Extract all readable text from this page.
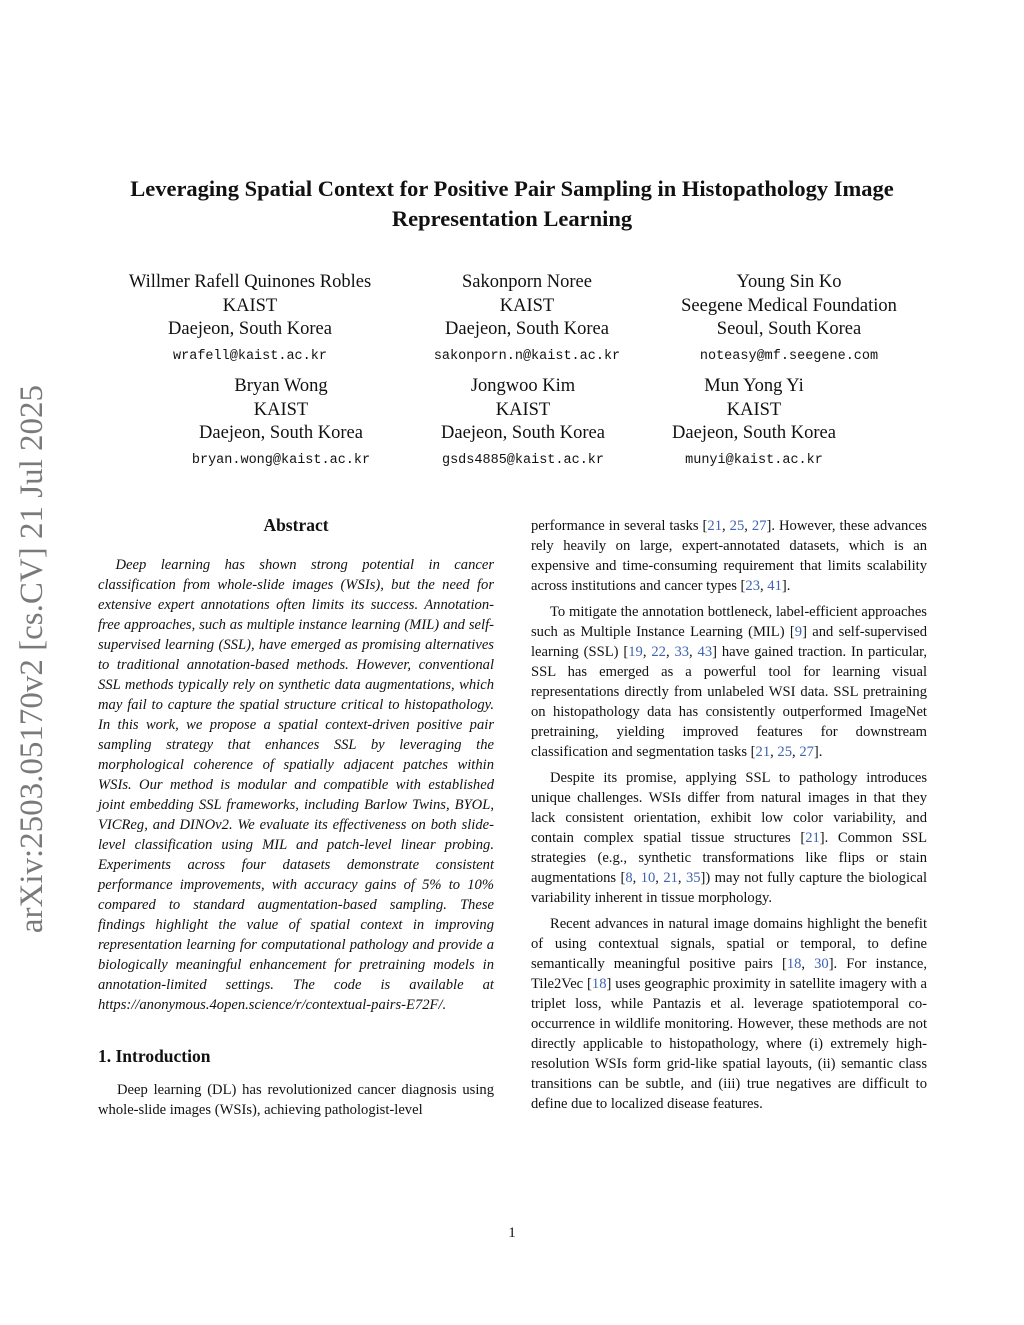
arXiv:2503.05170v2 [cs.CV] 21 Jul 2025
Leveraging Spatial Context for Positive Pair Sampling in Histopathology Image
Representation Learning
Willmer Rafell Quinones Robles
KAIST
Daejeon, South Korea
wrafell@kaist.ac.kr
Sakonporn Noree
KAIST
Daejeon, South Korea
sakonporn.n@kaist.ac.kr
Young Sin Ko
Seegene Medical Foundation
Seoul, South Korea
noteasy@mf.seegene.com
Bryan Wong
KAIST
Daejeon, South Korea
bryan.wong@kaist.ac.kr
Jongwoo Kim
KAIST
Daejeon, South Korea
gsds4885@kaist.ac.kr
Mun Yong Yi
KAIST
Daejeon, South Korea
munyi@kaist.ac.kr
Abstract

Deep learning has shown strong potential in cancer classification from whole-slide images (WSIs), but the need for extensive expert annotations often limits its success. Annotation-free approaches, such as multiple instance learning (MIL) and self-supervised learning (SSL), have emerged as promising alternatives to traditional annotation-based methods. However, conventional SSL methods typically rely on synthetic data augmentations, which may fail to capture the spatial structure critical to histopathology. In this work, we propose a spatial context-driven positive pair sampling strategy that enhances SSL by leveraging the morphological coherence of spatially adjacent patches within WSIs. Our method is modular and compatible with established joint embedding SSL frameworks, including Barlow Twins, BYOL, VICReg, and DINOv2. We evaluate its effectiveness on both slide-level classification using MIL and patch-level linear probing. Experiments across four datasets demonstrate consistent performance improvements, with accuracy gains of 5% to 10% compared to standard augmentation-based sampling. These findings highlight the value of spatial context in improving representation learning for computational pathology and provide a biologically meaningful enhancement for pretraining models in annotation-limited settings. The code is available at https://anonymous.4open.science/r/contextual-pairs-E72F/.

1. Introduction

Deep learning (DL) has revolutionized cancer diagnosis using whole-slide images (WSIs), achieving pathologist-level

performance in several tasks [21, 25, 27]. However, these advances rely heavily on large, expert-annotated datasets, which is an expensive and time-consuming requirement that limits scalability across institutions and cancer types [23, 41].

To mitigate the annotation bottleneck, label-efficient approaches such as Multiple Instance Learning (MIL) [9] and self-supervised learning (SSL) [19, 22, 33, 43] have gained traction. In particular, SSL has emerged as a powerful tool for learning visual representations directly from unlabeled WSI data. SSL pretraining on histopathology data has consistently outperformed ImageNet pretraining, yielding improved features for downstream classification and segmentation tasks [21, 25, 27].

Despite its promise, applying SSL to pathology introduces unique challenges. WSIs differ from natural images in that they lack consistent orientation, exhibit low color variability, and contain complex spatial tissue structures [21]. Common SSL strategies (e.g., synthetic transformations like flips or stain augmentations [8, 10, 21, 35]) may not fully capture the biological variability inherent in tissue morphology.

Recent advances in natural image domains highlight the benefit of using contextual signals, spatial or temporal, to define semantically meaningful positive pairs [18, 30]. For instance, Tile2Vec [18] uses geographic proximity in satellite imagery with a triplet loss, while Pantazis et al. leverage spatiotemporal co-occurrence in wildlife monitoring. However, these methods are not directly applicable to histopathology, where (i) extremely high-resolution WSIs form grid-like spatial layouts, (ii) semantic class transitions can be subtle, and (iii) true negatives are difficult to define due to localized disease features.

1
